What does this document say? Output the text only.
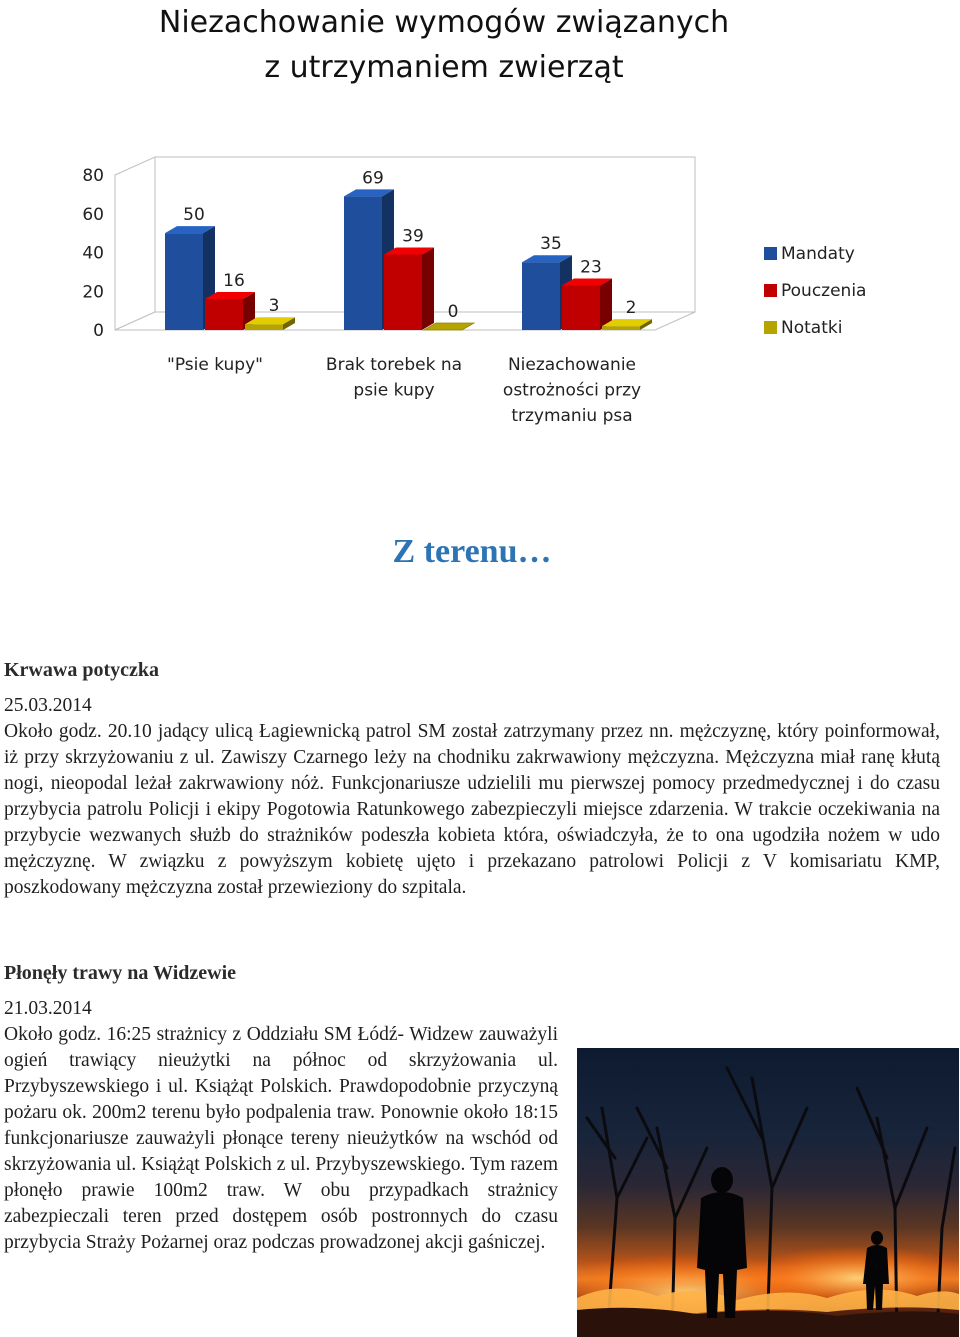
Niezachowanie wymogów związanych
z utrzymaniem zwierząt
0
20
40
60
80
50
16
3
"Psie kupy"
69
39
0
Brak torebek na
psie kupy
35
23
2
Niezachowanie
ostrożności przy
trzymaniu psa
Mandaty
Pouczenia
Notatki
Z terenu…
Krwawa potyczka
25.03.2014
Około godz. 20.10 jadący ulicą Łagiewnicką patrol SM został zatrzymany przez nn. mężczyznę, który poinformował, iż przy skrzyżowaniu z ul. Zawiszy Czarnego leży na chodniku zakrwawiony mężczyzna. Mężczyzna miał ranę kłutą nogi, nieopodal leżał zakrwawiony nóż. Funkcjonariusze udzielili mu pierwszej pomocy przedmedycznej i do czasu przybycia patrolu Policji i ekipy Pogotowia Ratunkowego zabezpieczyli miejsce zdarzenia. W trakcie oczekiwania na przybycie wezwanych służb do strażników podeszła kobieta która, oświadczyła, że to ona ugodziła nożem w udo mężczyznę. W związku z powyższym kobietę ujęto i przekazano patrolowi Policji z V komisariatu KMP, poszkodowany mężczyzna został przewieziony do szpitala.
Płonęły trawy na Widzewie
21.03.2014
Około godz. 16:25 strażnicy z Oddziału SM Łódź- Widzew zauważyli ogień trawiący nieużytki na północ od skrzyżowania ul. Przybyszewskiego i ul. Książąt Polskich. Prawdopodobnie przyczyną pożaru ok. 200m2 terenu było podpalenia traw. Ponownie około 18:15 funkcjonariusze zauważyli płonące tereny nieużytków na wschód od skrzyżowania ul. Książąt Polskich z ul. Przybyszewskiego. Tym razem płonęło prawie 100m2 traw. W obu przypadkach strażnicy zabezpieczali teren przed dostępem osób postronnych do czasu przybycia Straży Pożarnej oraz podczas prowadzonej akcji gaśniczej.
